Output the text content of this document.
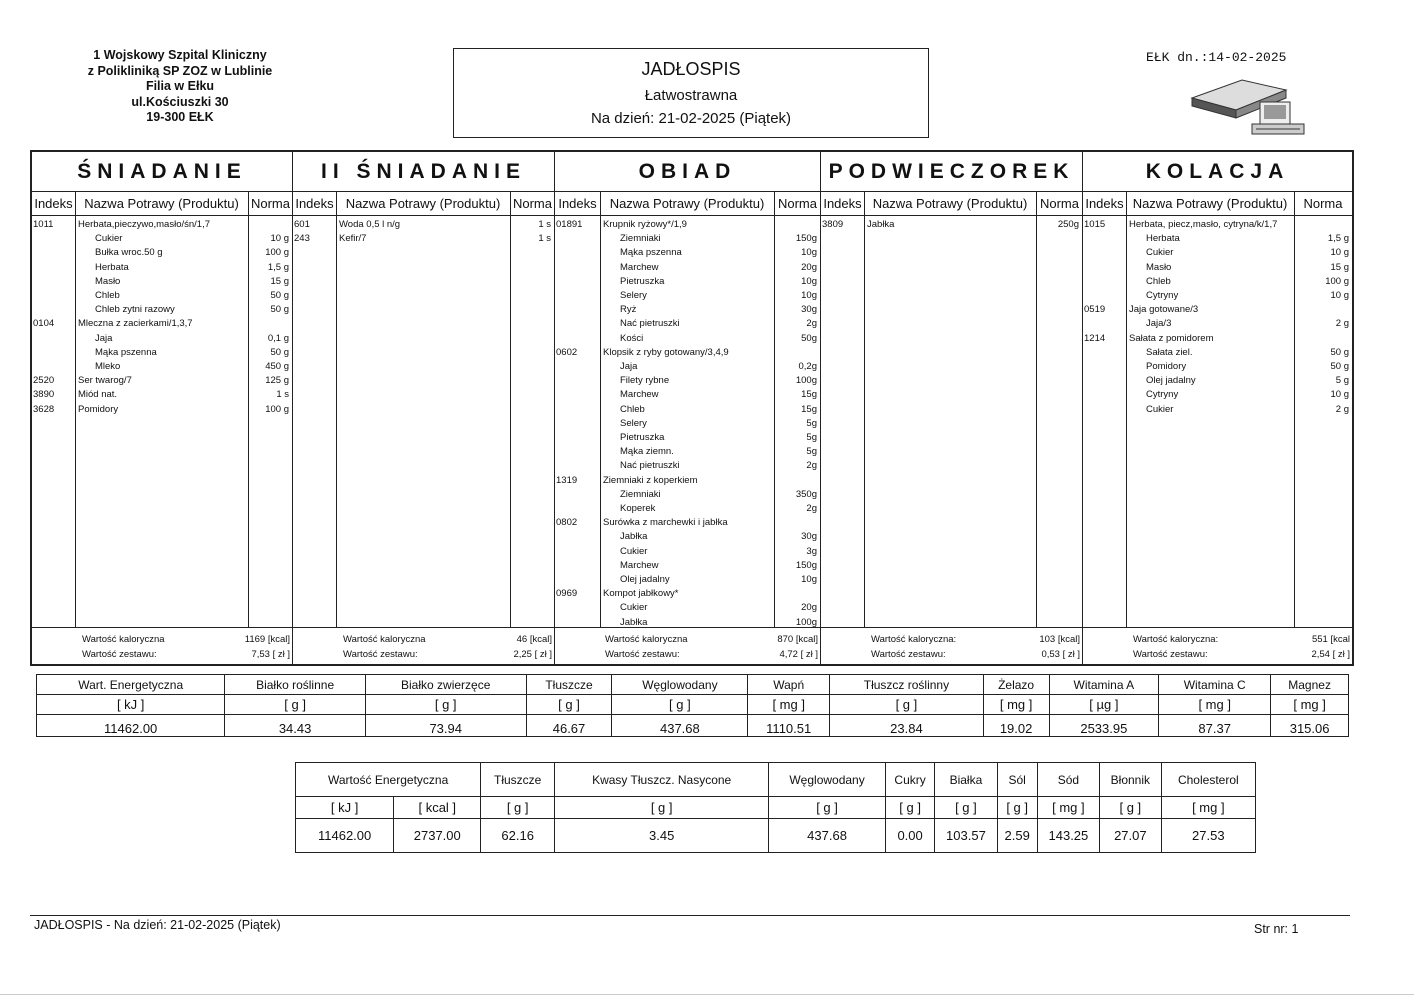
1 Wojskowy Szpital Kliniczny
z Polikliniką SP ZOZ w Lublinie
Filia w Ełku
ul.Kościuszki 30
19-300 EŁK
JADŁOSPIS
Łatwostrawna
Na dzień: 21-02-2025 (Piątek)
EŁK dn.:14-02-2025
ŚNIADANIE
Indeks Nazwa Potrawy (Produktu) Norma
1011	Herbata,pieczywo,masło/śn/1,7
Cukier	10 g
Bułka wroc.50 g	100 g
Herbata	1,5 g
Masło	15 g
Chleb	50 g
Chleb zytni razowy	50 g
0104	Mleczna z zacierkami/1,3,7
Jaja	0,1 g
Mąka pszenna	50 g
Mleko	450 g
2520	Ser twarog/7	125 g
3890	Miód nat.	1 s
3628	Pomidory	100 g
Wartość kaloryczna	1169 [kcal]
Wartość zestawu:	7,53 [ zł ]
II ŚNIADANIE
Indeks Nazwa Potrawy (Produktu) Norma
601	Woda 0,5 l n/g	1 s
243	Kefir/7	1 s
Wartość kaloryczna	46 [kcal]
Wartość zestawu:	2,25 [ zł ]
OBIAD
Indeks	Nazwa Potrawy (Produktu)	Norma
01891 Krupnik ryżowy*/1,9
Ziemniaki	150g
Mąka pszenna	10g
Marchew	20g
Pietruszka	10g
Selery	10g
Ryż	30g
Nać pietruszki	2g
Kości	50g
0602	Klopsik z ryby gotowany/3,4,9
Jaja	0,2g
Filety rybne	100g
Marchew	15g
Chleb	15g
Selery	5g
Pietruszka	5g
Mąka ziemn.	5g
Nać pietruszki	2g
1319	Ziemniaki z koperkiem
Ziemniaki	350g
Koperek	2g
0802	Surówka z marchewki i jabłka
Jabłka	30g
Cukier	3g
Marchew	150g
Olej jadalny	10g
0969	Kompot jabłkowy*
Cukier	20g
Jabłka	100g
Wartość kaloryczna	870 [kcal]
Wartość zestawu:	4,72 [ zł ]
PODWIECZOREK
Indeks Nazwa Potrawy (Produktu) Norma
3809	Jabłka	250g
Wartość kaloryczna:	103 [kcal]
Wartość zestawu:	0,53 [ zł ]
KOLACJA
Indeks Nazwa Potrawy (Produktu)	Norma
1015	Herbata, piecz,masło, cytryna/k/1,7
Herbata	1,5 g
Cukier	10 g
Masło	15 g
Chleb	100 g
Cytryny	10 g
0519	Jaja gotowane/3
Jaja/3	2 g
1214	Sałata z pomidorem
Sałata ziel.	50 g
Pomidory	50 g
Olej jadalny	5 g
Cytryny	10 g
Cukier	2 g
Wartość kaloryczna:	551 [kcal
Wartość zestawu:	2,54 [ zł ]
Wart. Energetyczna	Białko roślinne	Białko zwierzęce	Tłuszcze	Węglowodany	Wapń	Tłuszcz roślinny	Żelazo	Witamina A	Witamina C	Magnez
[ kJ ]	[ g ]	[ g ]	[ g ]	[ g ]	[ mg ]	[ g ]	[ mg ]	[ µg ]	[ mg ]	[ mg ]
11462.00	34.43	73.94	46.67	437.68	1110.51	23.84	19.02	2533.95	87.37	315.06
Wartość Energetyczna		Tłuszcze	Kwasy Tłuszcz. Nasycone	Węglowodany	Cukry	Białka	Sól	Sód	Błonnik	Cholesterol
[ kJ ]	[ kcal ]	[ g ]	[ g ]	[ g ]	[ g ]	[ g ]	[ g ]	[ mg ]	[ g ]	[ mg ]
11462.00	2737.00	62.16	3.45	437.68	0.00	103.57	2.59	143.25	27.07	27.53
JADŁOSPIS - Na dzień: 21-02-2025 (Piątek)	Str nr: 1
